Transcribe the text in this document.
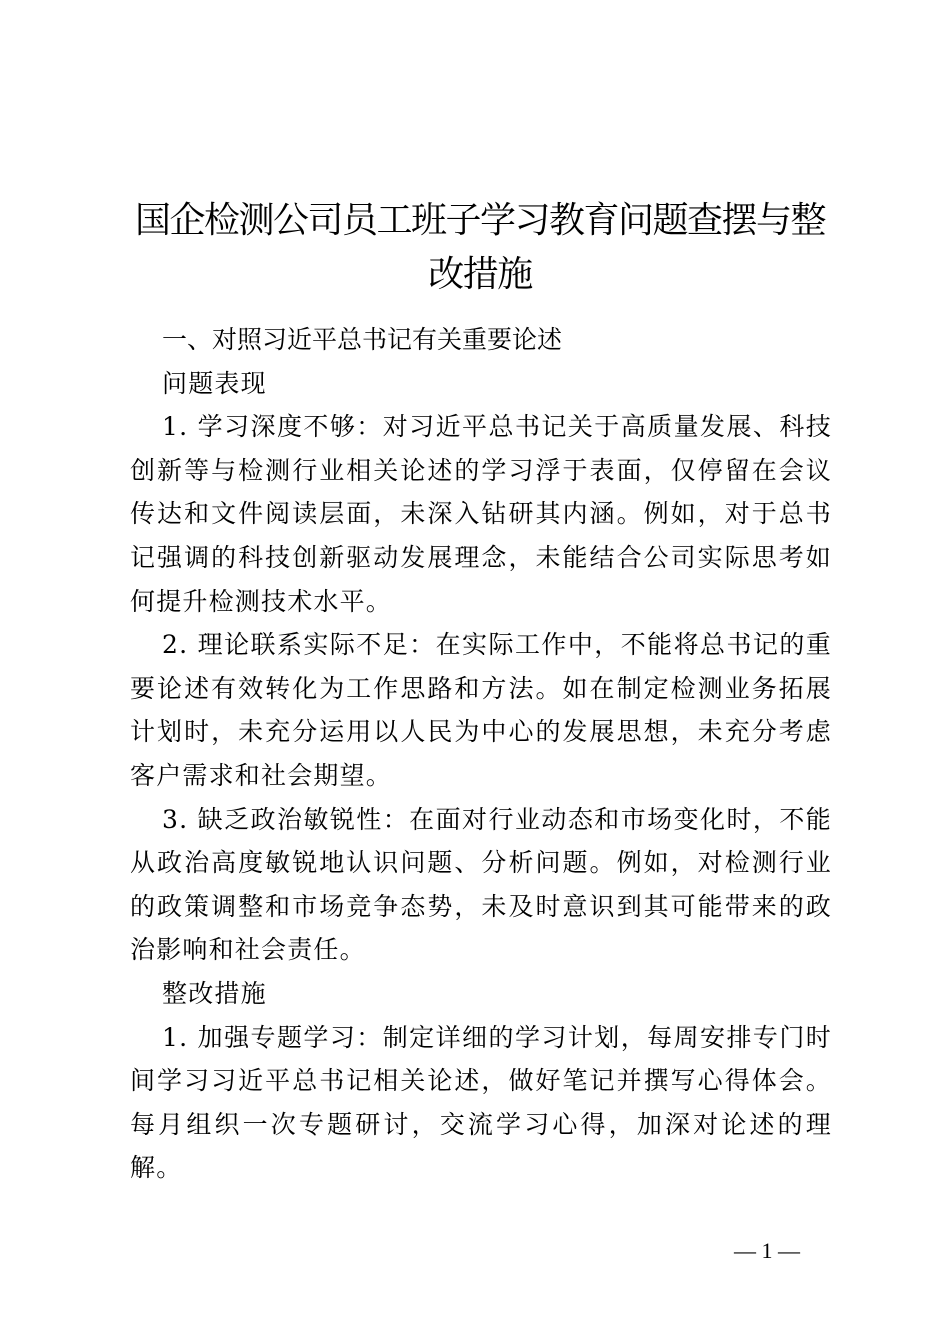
国企检测公司员工班子学习教育问题查摆与整改措施

一、对照习近平总书记有关重要论述

问题表现

1. 学习深度不够：对习近平总书记关于高质量发展、科技创新等与检测行业相关论述的学习浮于表面，仅停留在会议传达和文件阅读层面，未深入钻研其内涵。例如，对于总书记强调的科技创新驱动发展理念，未能结合公司实际思考如何提升检测技术水平。

2. 理论联系实际不足：在实际工作中，不能将总书记的重要论述有效转化为工作思路和方法。如在制定检测业务拓展计划时，未充分运用以人民为中心的发展思想，未充分考虑客户需求和社会期望。

3. 缺乏政治敏锐性：在面对行业动态和市场变化时，不能从政治高度敏锐地认识问题、分析问题。例如，对检测行业的政策调整和市场竞争态势，未及时意识到其可能带来的政治影响和社会责任。

整改措施

1. 加强专题学习：制定详细的学习计划，每周安排专门时间学习习近平总书记相关论述，做好笔记并撰写心得体会。每月组织一次专题研讨，交流学习心得，加深对论述的理解。

— 1 —
